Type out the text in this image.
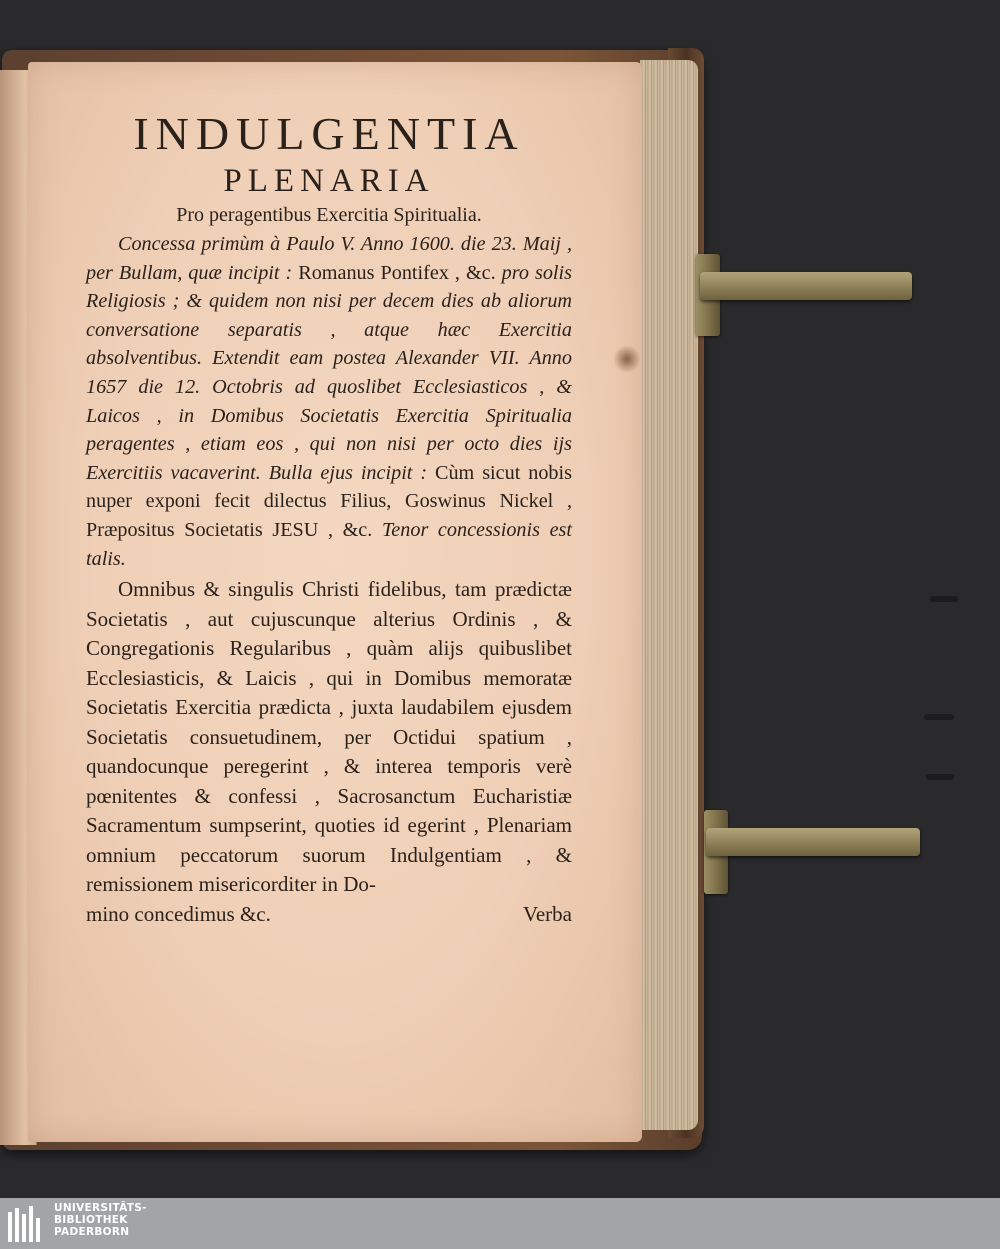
INDULGENTIA
PLENARIA

Pro peragentibus Exercitia Spiritualia.

Concessa primùm à Paulo V. Anno 1600. die 23. Maij , per Bullam, quæ incipit : Romanus Pontifex , &c. pro solis Religiosis ; & quidem non nisi per decem dies ab aliorum conversatione separatis , atque hæc Exercitia absolventibus. Extendit eam postea Alexander VII. Anno 1657 die 12. Octobris ad quoslibet Ecclesiasticos , & Laicos , in Domibus Societatis Exercitia Spiritualia peragentes , etiam eos , qui non nisi per octo dies ijs Exercitiis vacaverint. Bulla ejus incipit : Cùm sicut nobis nuper exponi fecit dilectus Filius, Goswinus Nickel , Præpositus Societatis JESU , &c. Tenor concessionis est talis.

Omnibus & singulis Christi fidelibus, tam prædictæ Societatis , aut cujuscunque alterius Ordinis , & Congregationis Regularibus , quàm alijs quibuslibet Ecclesiasticis, & Laicis , qui in Domibus memoratæ Societatis Exercitia prædicta , juxta laudabilem ejusdem Societatis consuetudinem, per Octidui spatium , quandocunque peregerint , & interea temporis verè pœnitentes & confessi , Sacrosanctum Eucharistiæ Sacramentum sumpserint, quoties id egerint , Plenariam omnium peccatorum suorum Indulgentiam , & remissionem misericorditer in Do-

mino concedimus &c.	Verba

UNIVERSITÄTS-
BIBLIOTHEK
PADERBORN
